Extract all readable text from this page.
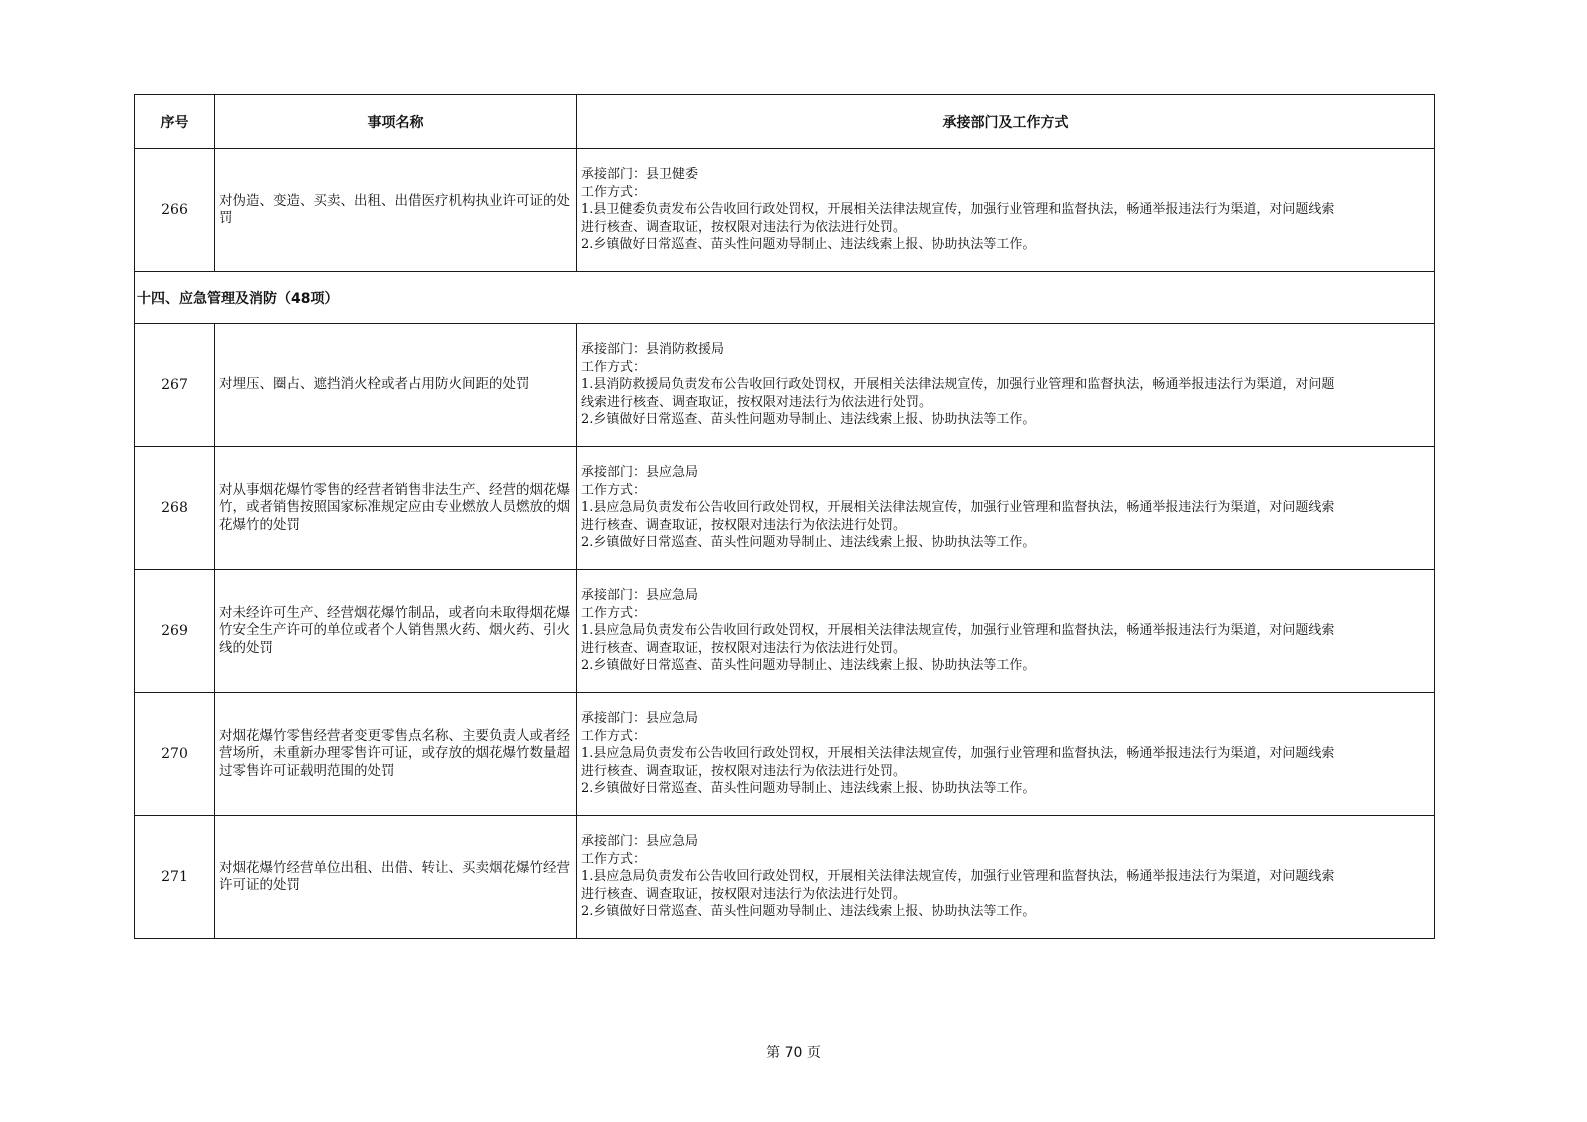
序号	事项名称	承接部门及工作方式
266	对伪造、变造、买卖、出租、出借医疗机构执业许可证的处罚	承接部门：县卫健委
工作方式：
1.县卫健委负责发布公告收回行政处罚权，开展相关法律法规宣传，加强行业管理和监督执法，畅通举报违法行为渠道，对问题线索
进行核查、调查取证，按权限对违法行为依法进行处罚。
2.乡镇做好日常巡查、苗头性问题劝导制止、违法线索上报、协助执法等工作。

十四、应急管理及消防（48项）		
267	对埋压、圈占、遮挡消火栓或者占用防火间距的处罚	承接部门：县消防救援局
工作方式：
1.县消防救援局负责发布公告收回行政处罚权，开展相关法律法规宣传，加强行业管理和监督执法，畅通举报违法行为渠道，对问题
线索进行核查、调查取证，按权限对违法行为依法进行处罚。
2.乡镇做好日常巡查、苗头性问题劝导制止、违法线索上报、协助执法等工作。

268	对从事烟花爆竹零售的经营者销售非法生产、经营的烟花爆竹，或者销售按照国家标准规定应由专业燃放人员燃放的烟花爆竹的处罚	承接部门：县应急局
工作方式：
1.县应急局负责发布公告收回行政处罚权，开展相关法律法规宣传，加强行业管理和监督执法，畅通举报违法行为渠道，对问题线索
进行核查、调查取证，按权限对违法行为依法进行处罚。
2.乡镇做好日常巡查、苗头性问题劝导制止、违法线索上报、协助执法等工作。

269	对未经许可生产、经营烟花爆竹制品，或者向未取得烟花爆竹安全生产许可的单位或者个人销售黑火药、烟火药、引火线的处罚	承接部门：县应急局
工作方式：
1.县应急局负责发布公告收回行政处罚权，开展相关法律法规宣传，加强行业管理和监督执法，畅通举报违法行为渠道，对问题线索
进行核查、调查取证，按权限对违法行为依法进行处罚。
2.乡镇做好日常巡查、苗头性问题劝导制止、违法线索上报、协助执法等工作。

270	对烟花爆竹零售经营者变更零售点名称、主要负责人或者经营场所，未重新办理零售许可证，或存放的烟花爆竹数量超过零售许可证载明范围的处罚	承接部门：县应急局
工作方式：
1.县应急局负责发布公告收回行政处罚权，开展相关法律法规宣传，加强行业管理和监督执法，畅通举报违法行为渠道，对问题线索
进行核查、调查取证，按权限对违法行为依法进行处罚。
2.乡镇做好日常巡查、苗头性问题劝导制止、违法线索上报、协助执法等工作。

271	对烟花爆竹经营单位出租、出借、转让、买卖烟花爆竹经营许可证的处罚	承接部门：县应急局
工作方式：
1.县应急局负责发布公告收回行政处罚权，开展相关法律法规宣传，加强行业管理和监督执法，畅通举报违法行为渠道，对问题线索
进行核查、调查取证，按权限对违法行为依法进行处罚。
2.乡镇做好日常巡查、苗头性问题劝导制止、违法线索上报、协助执法等工作。
第 70 页
